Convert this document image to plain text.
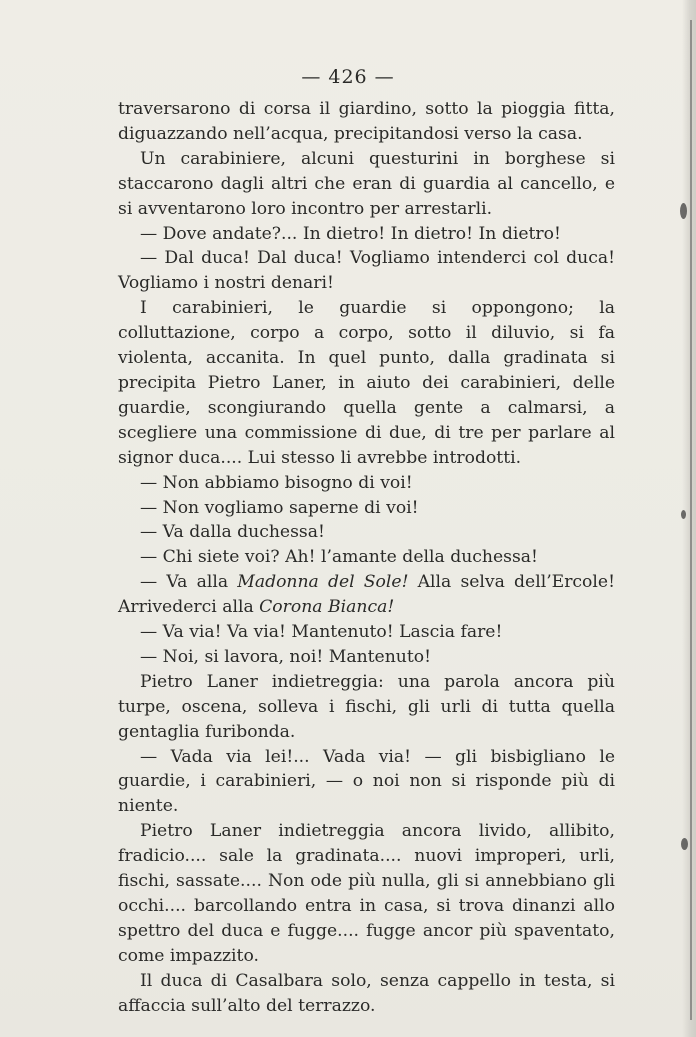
— 426 —

traversarono di corsa il giardino, sotto la pioggia fitta, diguazzando nell’acqua, precipitandosi verso la casa.

Un carabiniere, alcuni questurini in borghese si staccarono dagli altri che eran di guardia al cancello, e si avventarono loro incontro per arrestarli.

— Dove andate?... In dietro! In dietro! In dietro!

— Dal duca! Dal duca! Vogliamo intenderci col duca! Vogliamo i nostri denari!

I carabinieri, le guardie si oppongono; la colluttazione, corpo a corpo, sotto il diluvio, si fa violenta, accanita. In quel punto, dalla gradinata si precipita Pietro Laner, in aiuto dei carabinieri, delle guardie, scongiurando quella gente a calmarsi, a scegliere una commissione di due, di tre per parlare al signor duca.... Lui stesso li avrebbe introdotti.

— Non abbiamo bisogno di voi!

— Non vogliamo saperne di voi!

— Va dalla duchessa!

— Chi siete voi? Ah! l’amante della duchessa!

— Va alla Madonna del Sole! Alla selva dell’Ercole! Arrivederci alla Corona Bianca!

— Va via! Va via! Mantenuto! Lascia fare!

— Noi, si lavora, noi! Mantenuto!

Pietro Laner indietreggia: una parola ancora più turpe, oscena, solleva i fischi, gli urli di tutta quella gentaglia furibonda.

— Vada via lei!... Vada via! — gli bisbigliano le guardie, i carabinieri, — o noi non si risponde più di niente.

Pietro Laner indietreggia ancora livido, allibito, fradicio.... sale la gradinata.... nuovi improperi, urli, fischi, sassate.... Non ode più nulla, gli si annebbiano gli occhi.... barcollando entra in casa, si trova dinanzi allo spettro del duca e fugge.... fugge ancor più spaventato, come impazzito.

Il duca di Casalbara solo, senza cappello in testa, si affaccia sull’alto del terrazzo.
